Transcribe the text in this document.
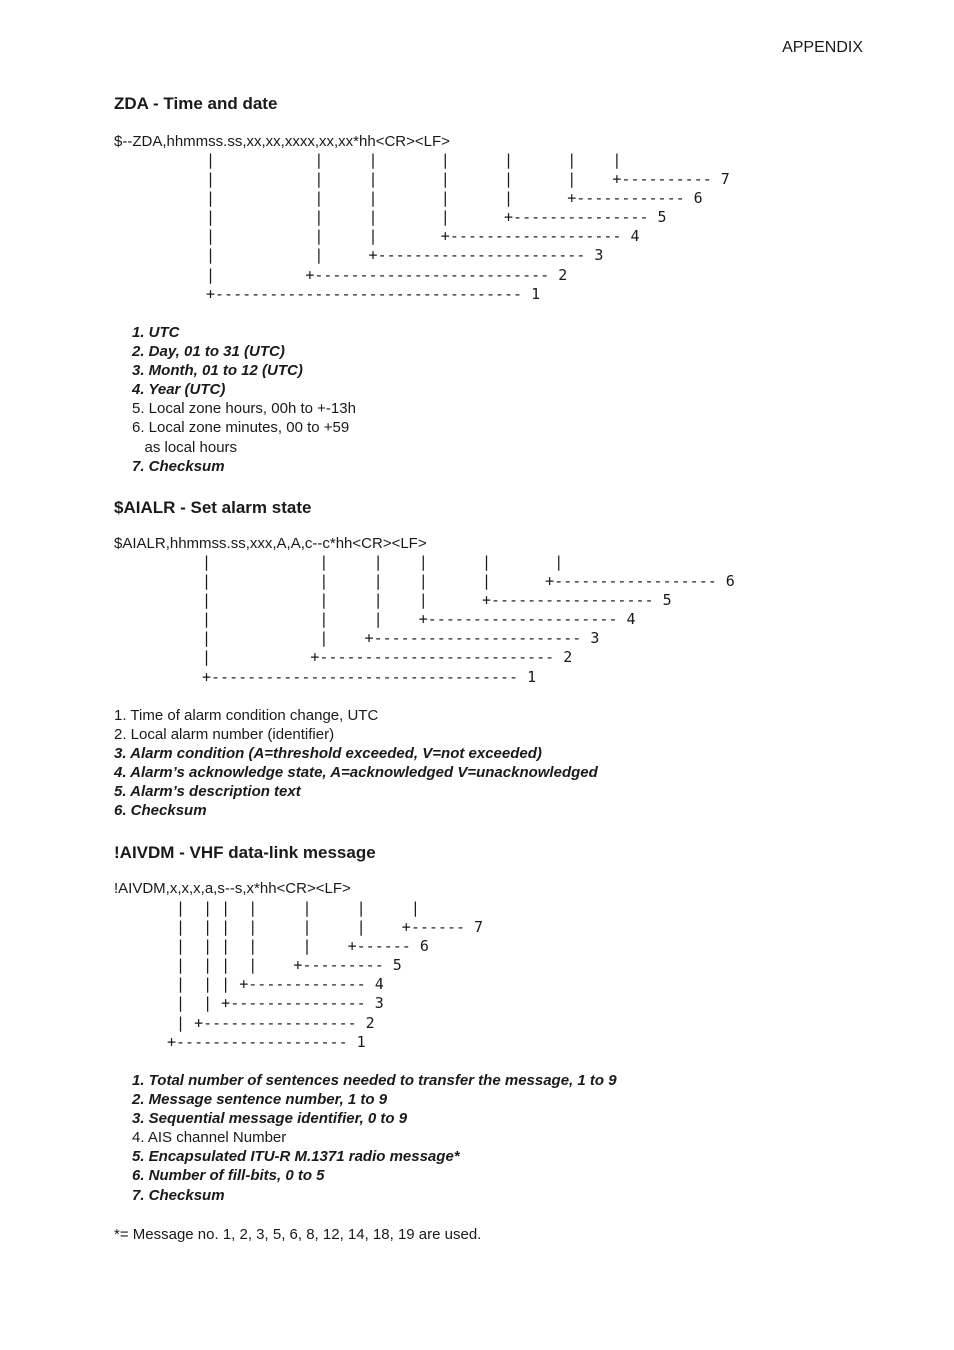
APPENDIX
ZDA - Time and date
$--ZDA,hhmmss.ss,xx,xx,xxxx,xx,xx*hh<CR><LF>
|           |     |       |      |      |    |
|           |     |       |      |      |    +---------- 7
|           |     |       |      |      +------------ 6
|           |     |       |      +--------------- 5
|           |     |       +------------------- 4
|           |     +----------------------- 3
|          +-------------------------- 2
+---------------------------------- 1
1. UTC
2. Day, 01 to 31 (UTC)
3. Month, 01 to 12 (UTC)
4. Year (UTC)
5. Local zone hours, 00h to +-13h
6. Local zone minutes, 00 to +59
as local hours
7. Checksum
$AIALR - Set alarm state
$AIALR,hhmmss.ss,xxx,A,A,c--c*hh<CR><LF>
|            |     |    |      |       |
|            |     |    |      |      +------------------ 6
|            |     |    |      +------------------ 5
|            |     |    +--------------------- 4
|            |    +----------------------- 3
|           +-------------------------- 2
+---------------------------------- 1
1. Time of alarm condition change, UTC
2. Local alarm number (identifier)
3. Alarm condition (A=threshold exceeded, V=not exceeded)
4. Alarm’s acknowledge state, A=acknowledged V=unacknowledged
5. Alarm’s description text
6. Checksum
!AIVDM - VHF data-link message
!AIVDM,x,x,x,a,s--s,x*hh<CR><LF>
|  | |  |     |     |     |
|  | |  |     |     |    +------ 7
|  | |  |     |    +------ 6
|  | |  |    +--------- 5
|  | | +------------- 4
|  | +--------------- 3
| +----------------- 2
+------------------- 1
1. Total number of sentences needed to transfer the message, 1 to 9
2. Message sentence number, 1 to 9
3. Sequential message identifier, 0 to 9
4. AIS channel Number
5. Encapsulated ITU-R M.1371 radio message*
6. Number of fill-bits, 0 to 5
7. Checksum
*= Message no. 1, 2, 3, 5, 6, 8, 12, 14, 18, 19 are used.
